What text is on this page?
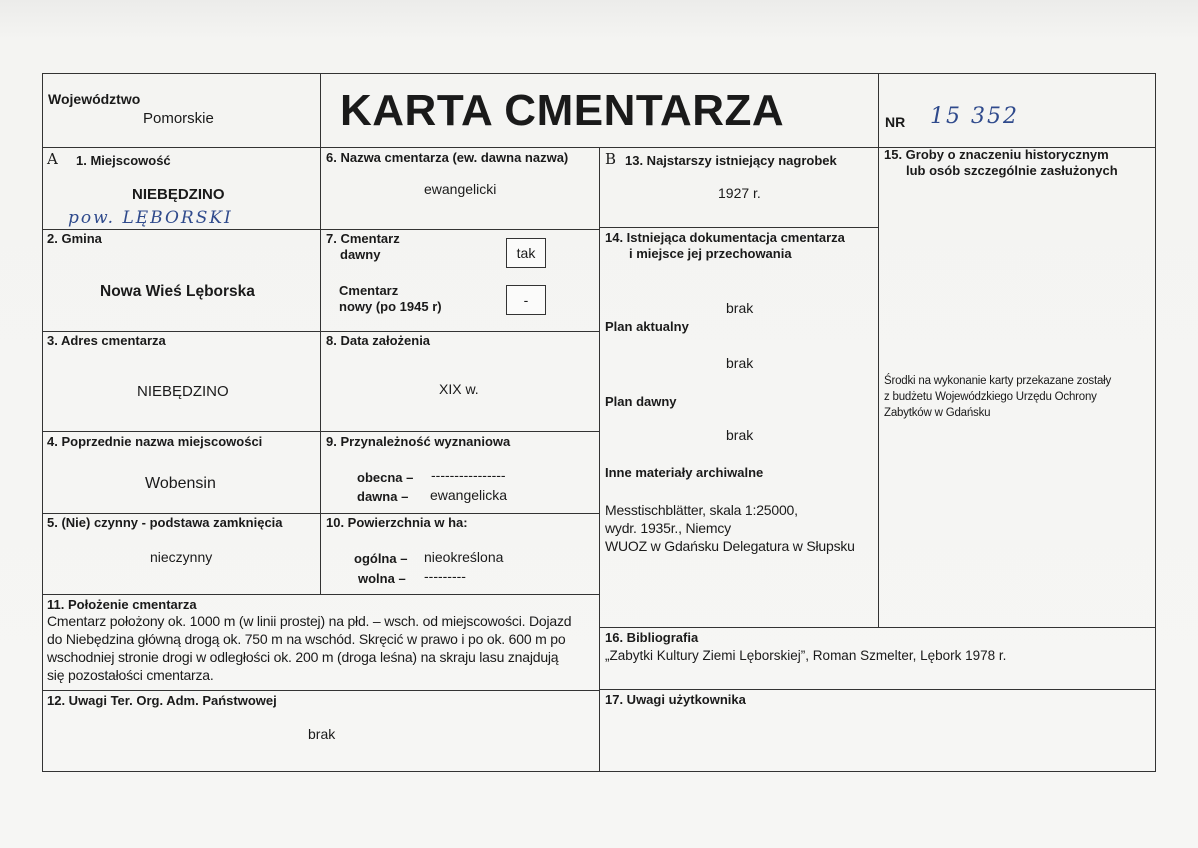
Województwo
Pomorskie	KARTA CMENTARZA	NR 15 352
A 1. Miejscowość
NIEBĘDZINO
pow. LĘBORSKI
2. Gmina
Nowa Wieś Lęborska
3. Adres cmentarza
NIEBĘDZINO
4. Poprzednie nazwa miejscowości
Wobensin
5. (Nie) czynny - podstawa zamknięcia
nieczynny
6. Nazwa cmentarza (ew. dawna nazwa)
ewangelicki
7. Cmentarz
dawny	tak
Cmentarz
nowy (po 1945 r)	-
8. Data założenia
XIX w.
9. Przynależność wyznaniowa
obecna – ----------------
dawna – ewangelicka
10. Powierzchnia w ha:
ogólna – nieokreślona
wolna – ---------
11. Położenie cmentarza
Cmentarz położony ok. 1000 m (w linii prostej) na płd. – wsch. od miejscowości. Dojazd
do Niebędzina główną drogą ok. 750 m na wschód. Skręcić w prawo i po ok. 600 m po
wschodniej stronie drogi w odległości ok. 200 m (droga leśna) na skraju lasu znajdują
się pozostałości cmentarza.
12. Uwagi Ter. Org. Adm. Państwowej
brak
B 13. Najstarszy istniejący nagrobek
1927 r.
14. Istniejąca dokumentacja cmentarza
i miejsce jej przechowania
brak
Plan aktualny
brak
Plan dawny
brak
Inne materiały archiwalne
Messtischblätter, skala 1:25000,
wydr. 1935r., Niemcy
WUOZ w Gdańsku Delegatura w Słupsku
15. Groby o znaczeniu historycznym
lub osób szczególnie zasłużonych
Środki na wykonanie karty przekazane zostały
z budżetu Wojewódzkiego Urzędu Ochrony
Zabytków w Gdańsku
16. Bibliografia
„Zabytki Kultury Ziemi Lęborskiej”, Roman Szmelter, Lębork 1978 r.
17. Uwagi użytkownika
